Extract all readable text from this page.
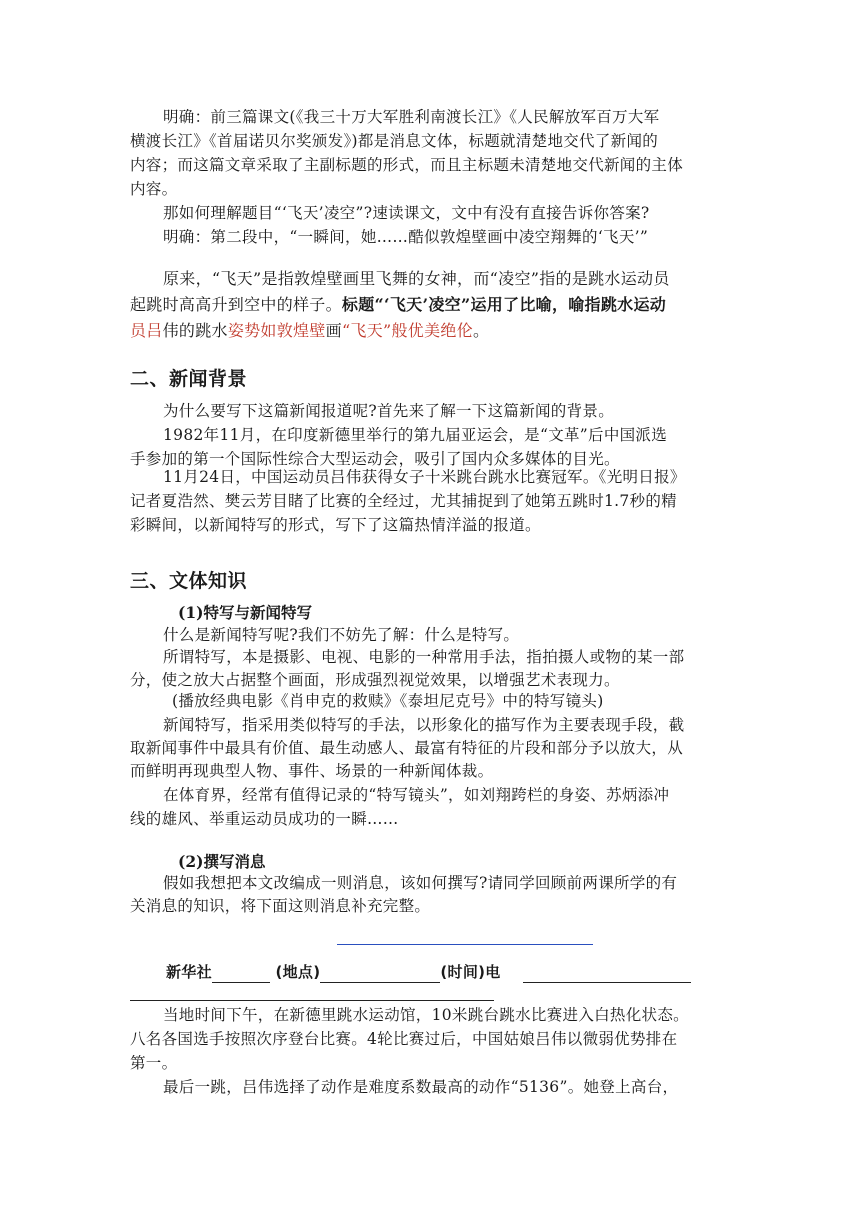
明确：前三篇课文(《我三十万大军胜利南渡长江》《人民解放军百万大军
横渡长江》《首届诺贝尔奖颁发》)都是消息文体，标题就清楚地交代了新闻的
内容；而这篇文章采取了主副标题的形式，而且主标题未清楚地交代新闻的主体
内容。
那如何理解题目“‘飞天’凌空”?速读课文，文中有没有直接告诉你答案?
明确：第二段中，“一瞬间，她……酷似敦煌壁画中凌空翔舞的‘飞天’”
原来，“飞天”是指敦煌壁画里飞舞的女神，而“凌空”指的是跳水运动员
起跳时高高升到空中的样子。标题“‘飞天’凌空”运用了比喻，喻指跳水运动
员吕伟的跳水姿势如敦煌壁画“飞天”般优美绝伦。
二、新闻背景
为什么要写下这篇新闻报道呢?首先来了解一下这篇新闻的背景。
1982年11月，在印度新德里举行的第九届亚运会，是“文革”后中国派选
手参加的第一个国际性综合大型运动会，吸引了国内众多媒体的目光。
11月24日，中国运动员吕伟获得女子十米跳台跳水比赛冠军。《光明日报》
记者夏浩然、樊云芳目睹了比赛的全经过，尤其捕捉到了她第五跳时1.7秒的精
彩瞬间，以新闻特写的形式，写下了这篇热情洋溢的报道。
三、文体知识
(1)特写与新闻特写
什么是新闻特写呢?我们不妨先了解：什么是特写。
所谓特写，本是摄影、电视、电影的一种常用手法，指拍摄人或物的某一部
分，使之放大占据整个画面，形成强烈视觉效果，以增强艺术表现力。
(播放经典电影《肖申克的救赎》《泰坦尼克号》中的特写镜头)
新闻特写，指采用类似特写的手法，以形象化的描写作为主要表现手段，截
取新闻事件中最具有价值、最生动感人、最富有特征的片段和部分予以放大，从
而鲜明再现典型人物、事件、场景的一种新闻体裁。
在体育界，经常有值得记录的“特写镜头”，如刘翔跨栏的身姿、苏炳添冲
线的雄风、举重运动员成功的一瞬……
(2)撰写消息
假如我想把本文改编成一则消息，该如何撰写?请同学回顾前两课所学的有
关消息的知识，将下面这则消息补充完整。
新华社	(地点)	(时间)电
当地时间下午，在新德里跳水运动馆，10米跳台跳水比赛进入白热化状态。
八名各国选手按照次序登台比赛。4轮比赛过后，中国姑娘吕伟以微弱优势排在
第一。
最后一跳，吕伟选择了动作是难度系数最高的动作“5136”。她登上高台，
